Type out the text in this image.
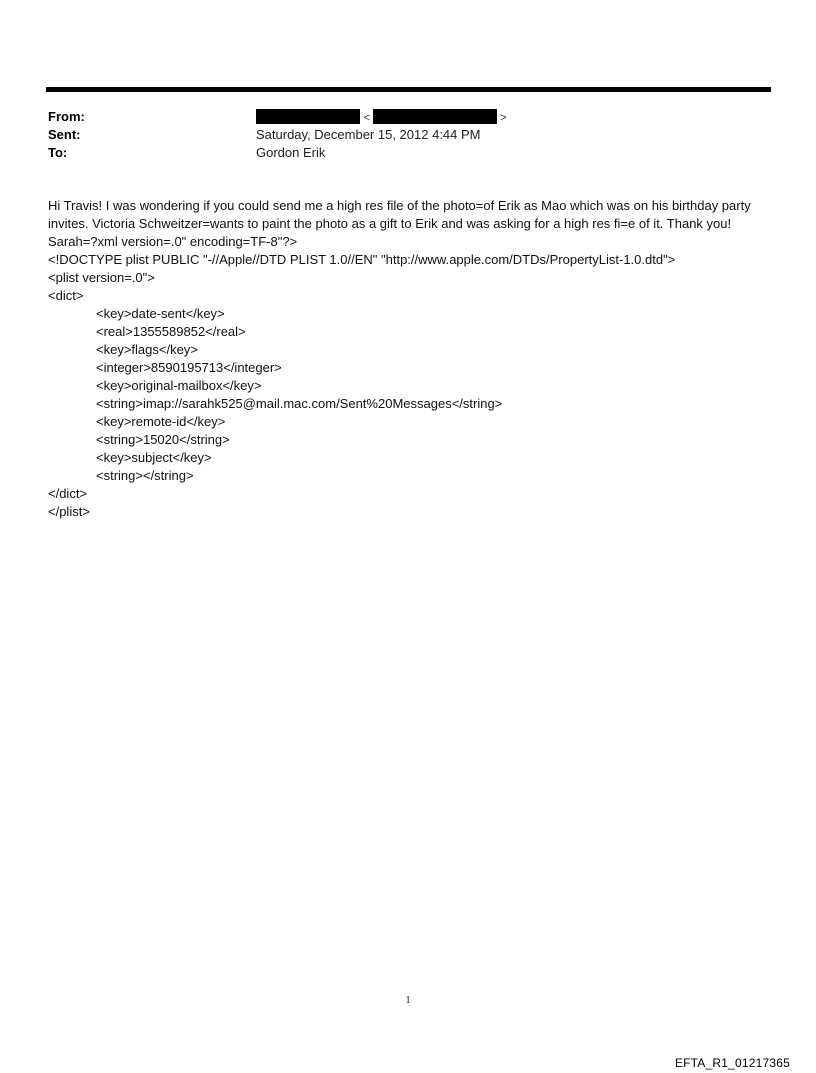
From:	<	>
Sent:	Saturday, December 15, 2012 4:44 PM
To:	Gordon Erik

Hi Travis! I was wondering if you could send me a high res file of the photo=of Erik as Mao which was on his birthday party invites. Victoria Schweitzer=wants to paint the photo as a gift to Erik and was asking for a high res fi=e of it. Thank you!

Sarah=?xml version=.0" encoding=TF-8"?>
<!DOCTYPE plist PUBLIC "-//Apple//DTD PLIST 1.0//EN" "http://www.apple.com/DTDs/PropertyList-1.0.dtd">
<plist version=.0">
<dict>
<key>date-sent</key>
<real>1355589852</real>
<key>flags</key>
<integer>8590195713</integer>
<key>original-mailbox</key>
<string>imap://sarahk525@mail.mac.com/Sent%20Messages</string>
<key>remote-id</key>
<string>15020</string>
<key>subject</key>
<string></string>
</dict>
</plist>
1
EFTA_R1_01217365
